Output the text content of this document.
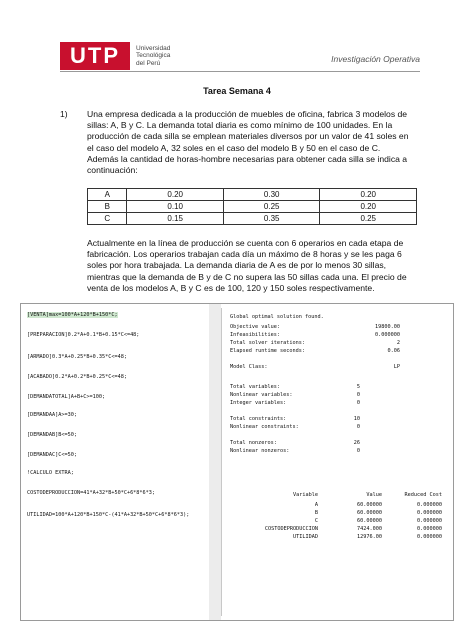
UTP	Universidad
Tecnológica
del Perú	Investigación Operativa
Tarea Semana 4
1) Una empresa dedicada a la producción de muebles de oficina, fabrica 3 modelos de
sillas: A, B y C. La demanda total diaria es como mínimo de 100 unidades. En la
producción de cada silla se emplean materiales diversos por un valor de 41 soles en
el caso del modelo A, 32 soles en el caso del modelo B y 50 en el caso de C.
Además la cantidad de horas-hombre necesarias para obtener cada silla se indica a
continuación:
A	0.20	0.30	0.20
B	0.10	0.25	0.20
C	0.15	0.35	0.25
Actualmente en la línea de producción se cuenta con 6 operarios en cada etapa de
fabricación. Los operarios trabajan cada día un máximo de 8 horas y se les paga 6
soles por hora trabajada. La demanda diaria de A es de por lo menos 30 sillas,
mientras que la demanda de B y de C no supera las 50 sillas cada una. El precio de
venta de los modelos A, B y C es de 100, 120 y 150 soles respectivamente.
[VENTA]max=100*A+120*B+150*C;
[PREPARACION]0.2*A+0.1*B+0.15*C<=48;
[ARMADO]0.3*A+0.25*B+0.35*C<=48;
[ACABADO]0.2*A+0.2*B+0.25*C<=48;
[DEMANDATOTAL]A+B+C>=100;
[DEMANDAA]A>=30;
[DEMANDAB]B<=50;
[DEMANDAC]C<=50;
!CALCULO EXTRA;
COSTODEPRODUCCION=41*A+32*B+50*C+6*8*6*3;
UTILIDAD=100*A+120*B+150*C-(41*A+32*B+50*C+6*8*6*3);
Global optimal solution found.
Objective value:	19800.00
Infeasibilities:	0.000000
Total solver iterations:	2
Elapsed runtime seconds:	0.06
Model Class:	LP
Total variables:	5
Nonlinear variables:	0
Integer variables:	0
Total constraints:	10
Nonlinear constraints:	0
Total nonzeros:	26
Nonlinear nonzeros:	0
Variable	Value	Reduced Cost
A	60.00000	0.000000
B	60.00000	0.000000
C	60.00000	0.000000
COSTODEPRODUCCION	7424.000	0.000000
UTILIDAD	12976.00	0.000000
